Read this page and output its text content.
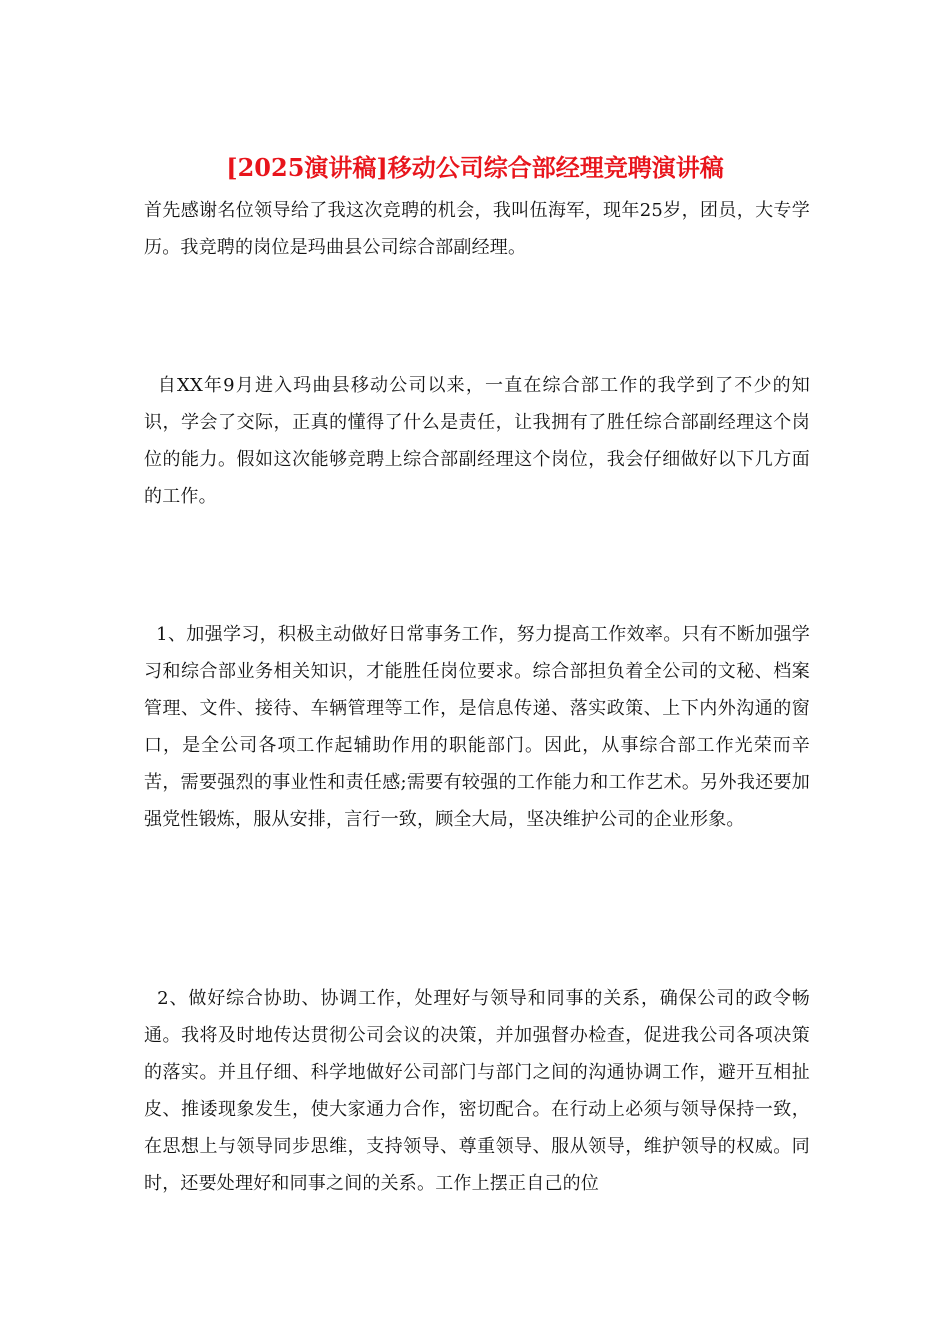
[2025演讲稿]移动公司综合部经理竞聘演讲稿

首先感谢名位领导给了我这次竞聘的机会，我叫伍海军，现年25岁，团员，大专学历。我竞聘的岗位是玛曲县公司综合部副经理。

自XX年9月进入玛曲县移动公司以来，一直在综合部工作的我学到了不少的知识，学会了交际，正真的懂得了什么是责任，让我拥有了胜任综合部副经理这个岗位的能力。假如这次能够竞聘上综合部副经理这个岗位，我会仔细做好以下几方面的工作。

1、加强学习，积极主动做好日常事务工作，努力提高工作效率。只有不断加强学习和综合部业务相关知识，才能胜任岗位要求。综合部担负着全公司的文秘、档案管理、文件、接待、车辆管理等工作，是信息传递、落实政策、上下内外沟通的窗口，是全公司各项工作起辅助作用的职能部门。因此，从事综合部工作光荣而辛苦，需要强烈的事业性和责任感;需要有较强的工作能力和工作艺术。另外我还要加强党性锻炼，服从安排，言行一致，顾全大局，坚决维护公司的企业形象。

2、做好综合协助、协调工作，处理好与领导和同事的关系，确保公司的政令畅通。我将及时地传达贯彻公司会议的决策，并加强督办检查，促进我公司各项决策的落实。并且仔细、科学地做好公司部门与部门之间的沟通协调工作，避开互相扯皮、推诿现象发生，使大家通力合作，密切配合。在行动上必须与领导保持一致，在思想上与领导同步思维，支持领导、尊重领导、服从领导，维护领导的权威。同时，还要处理好和同事之间的关系。工作上摆正自己的位
